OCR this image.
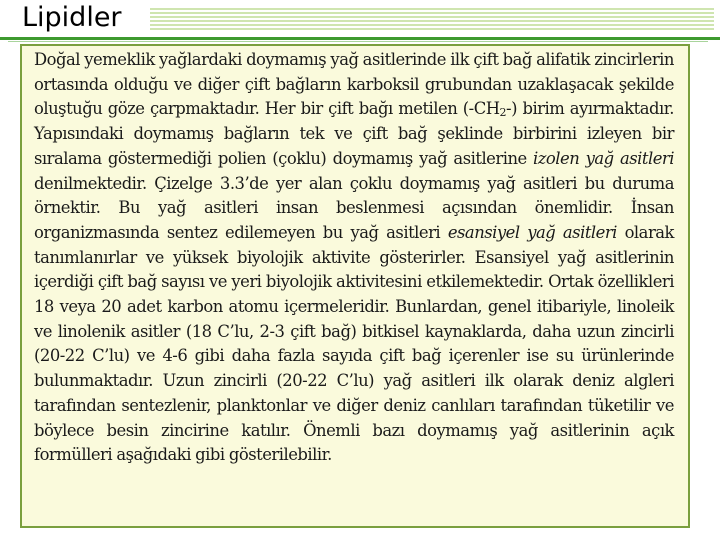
Lipidler

Doğal yemeklik yağlardaki doymamış yağ asitlerinde ilk çift bağ alifatik zincirlerin ortasında olduğu ve diğer çift bağların karboksil grubundan uzaklaşacak şekilde oluştuğu göze çarpmaktadır. Her bir çift bağı metilen $(-CH_2-)$ birim ayırmaktadır. Yapısındaki doymamış bağların tek ve çift bağ şeklinde birbirini izleyen bir sıralama göstermediği polien (çoklu) doymamış yağ asitlerine izolen yağ asitleri denilmektedir. Çizelge 3.3’de yer alan çoklu doymamış yağ asitleri bu duruma örnektir. Bu yağ asitleri insan beslenmesi açısından önemlidir. İnsan organizmasında sentez edilemeyen bu yağ asitleri esansiyel yağ asitleri olarak tanımlanırlar ve yüksek biyolojik aktivite gösterirler. Esansiyel yağ asitlerinin içerdiği çift bağ sayısı ve yeri biyolojik aktivitesini etkilemektedir. Ortak özellikleri 18 veya 20 adet karbon atomu içermeleridir. Bunlardan, genel itibariyle, linoleik ve linolenik asitler (18 C’lu, 2-3 çift bağ) bitkisel kaynaklarda, daha uzun zincirli (20-22 C’lu) ve 4-6 gibi daha fazla sayıda çift bağ içerenler ise su ürünlerinde bulunmaktadır. Uzun zincirli (20-22 C’lu) yağ asitleri ilk olarak deniz algleri tarafından sentezlenir, planktonlar ve diğer deniz canlıları tarafından tüketilir ve böylece besin zincirine katılır. Önemli bazı doymamış yağ asitlerinin açık formülleri aşağıdaki gibi gösterilebilir.
